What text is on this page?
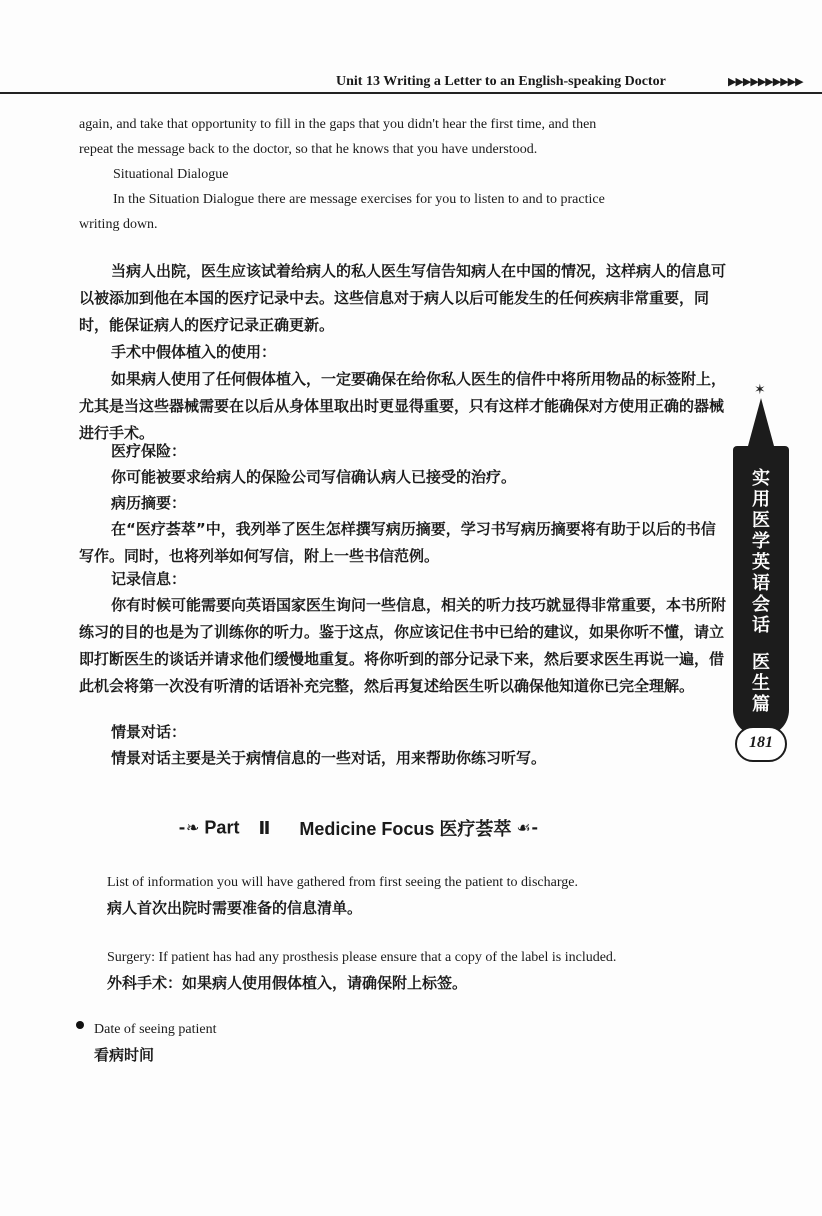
Unit 13 Writing a Letter to an English-speaking Doctor	▶▶▶▶▶▶▶▶▶▶
again, and take that opportunity to fill in the gaps that you didn't hear the first time, and then
repeat the message back to the doctor, so that he knows that you have understood.
Situational Dialogue
In the Situation Dialogue there are message exercises for you to listen to and to practice
writing down.
当病人出院，医生应该试着给病人的私人医生写信告知病人在中国的情况，这样病人的信息可以被添加到他在本国的医疗记录中去。这些信息对于病人以后可能发生的任何疾病非常重要，同时，能保证病人的医疗记录正确更新。
手术中假体植入的使用：
如果病人使用了任何假体植入，一定要确保在给你私人医生的信件中将所用物品的标签附上，尤其是当这些器械需要在以后从身体里取出时更显得重要，只有这样才能确保对方使用正确的器械进行手术。
医疗保险：
你可能被要求给病人的保险公司写信确认病人已接受的治疗。
病历摘要：
在“医疗荟萃”中，我列举了医生怎样撰写病历摘要，学习书写病历摘要将有助于以后的书信写作。同时，也将列举如何写信，附上一些书信范例。
记录信息：
你有时候可能需要向英语国家医生询问一些信息，相关的听力技巧就显得非常重要，本书所附练习的目的也是为了训练你的听力。鉴于这点，你应该记住书中已给的建议，如果你听不懂，请立即打断医生的谈话并请求他们缓慢地重复。将你听到的部分记录下来，然后要求医生再说一遍，借此机会将第一次没有听清的话语补充完整，然后再复述给医生听以确保他知道你已完全理解。
情景对话：
情景对话主要是关于病情信息的一些对话，用来帮助你练习听写。
✶
实用医学英语会话
医生篇
181
⁃❧ Part Ⅱ Medicine Focus 医疗荟萃 ☙⁃
List of information you will have gathered from first seeing the patient to discharge.
病人首次出院时需要准备的信息清单。
Surgery: If patient has had any prosthesis please ensure that a copy of the label is included.
外科手术：如果病人使用假体植入，请确保附上标签。
Date of seeing patient
看病时间
